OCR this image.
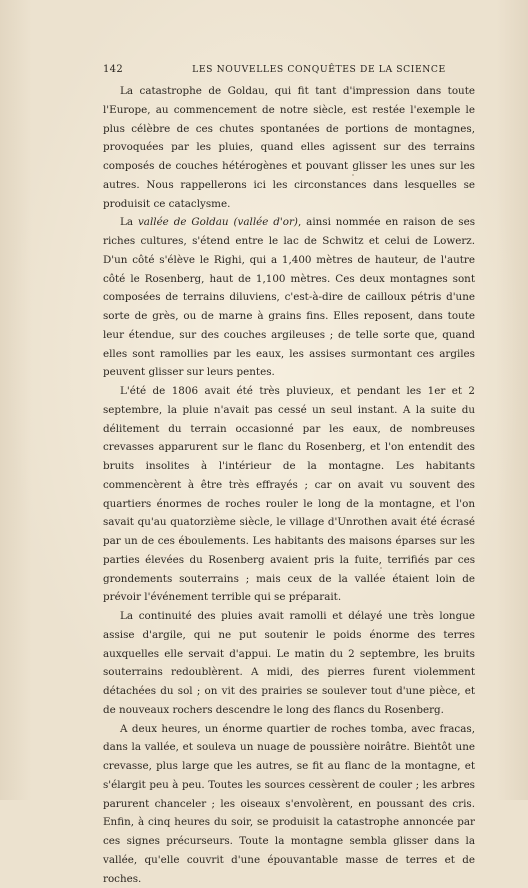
142	LES NOUVELLES CONQUÊTES DE LA SCIENCE

La catastrophe de Goldau, qui fit tant d'impression dans toute l'Europe, au commencement de notre siècle, est restée l'exemple le plus célèbre de ces chutes spontanées de portions de montagnes, provoquées par les pluies, quand elles agissent sur des terrains composés de couches hétérogènes et pouvant glisser les unes sur les autres. Nous rappellerons ici les circonstances dans lesquelles se produisit ce cataclysme.

La vallée de Goldau (vallée d'or), ainsi nommée en raison de ses riches cultures, s'étend entre le lac de Schwitz et celui de Lowerz. D'un côté s'élève le Righi, qui a 1,400 mètres de hauteur, de l'autre côté le Rosenberg, haut de 1,100 mètres. Ces deux montagnes sont composées de terrains diluviens, c'est-à-dire de cailloux pétris d'une sorte de grès, ou de marne à grains fins. Elles reposent, dans toute leur étendue, sur des couches argileuses ; de telle sorte que, quand elles sont ramollies par les eaux, les assises surmontant ces argiles peuvent glisser sur leurs pentes.

L'été de 1806 avait été très pluvieux, et pendant les 1er et 2 septembre, la pluie n'avait pas cessé un seul instant. A la suite du délitement du terrain occasionné par les eaux, de nombreuses crevasses apparurent sur le flanc du Rosenberg, et l'on entendit des bruits insolites à l'intérieur de la montagne. Les habitants commencèrent à être très effrayés ; car on avait vu souvent des quartiers énormes de roches rouler le long de la montagne, et l'on savait qu'au quatorzième siècle, le village d'Unrothen avait été écrasé par un de ces éboulements. Les habitants des maisons éparses sur les parties élevées du Rosenberg avaient pris la fuite, terrifiés par ces grondements souterrains ; mais ceux de la vallée étaient loin de prévoir l'événement terrible qui se préparait.

La continuité des pluies avait ramolli et délayé une très longue assise d'argile, qui ne put soutenir le poids énorme des terres auxquelles elle servait d'appui. Le matin du 2 septembre, les bruits souterrains redoublèrent. A midi, des pierres furent violemment détachées du sol ; on vit des prairies se soulever tout d'une pièce, et de nouveaux rochers descendre le long des flancs du Rosenberg.

A deux heures, un énorme quartier de roches tomba, avec fracas, dans la vallée, et souleva un nuage de poussière noirâtre. Bientôt une crevasse, plus large que les autres, se fit au flanc de la montagne, et s'élargit peu à peu. Toutes les sources cessèrent de couler ; les arbres parurent chanceler ; les oiseaux s'envolèrent, en poussant des cris. Enfin, à cinq heures du soir, se produisit la catastrophe annoncée par ces signes précurseurs. Toute la montagne sembla glisser dans la vallée, qu'elle couvrit d'une épouvantable masse de terres et de roches.
